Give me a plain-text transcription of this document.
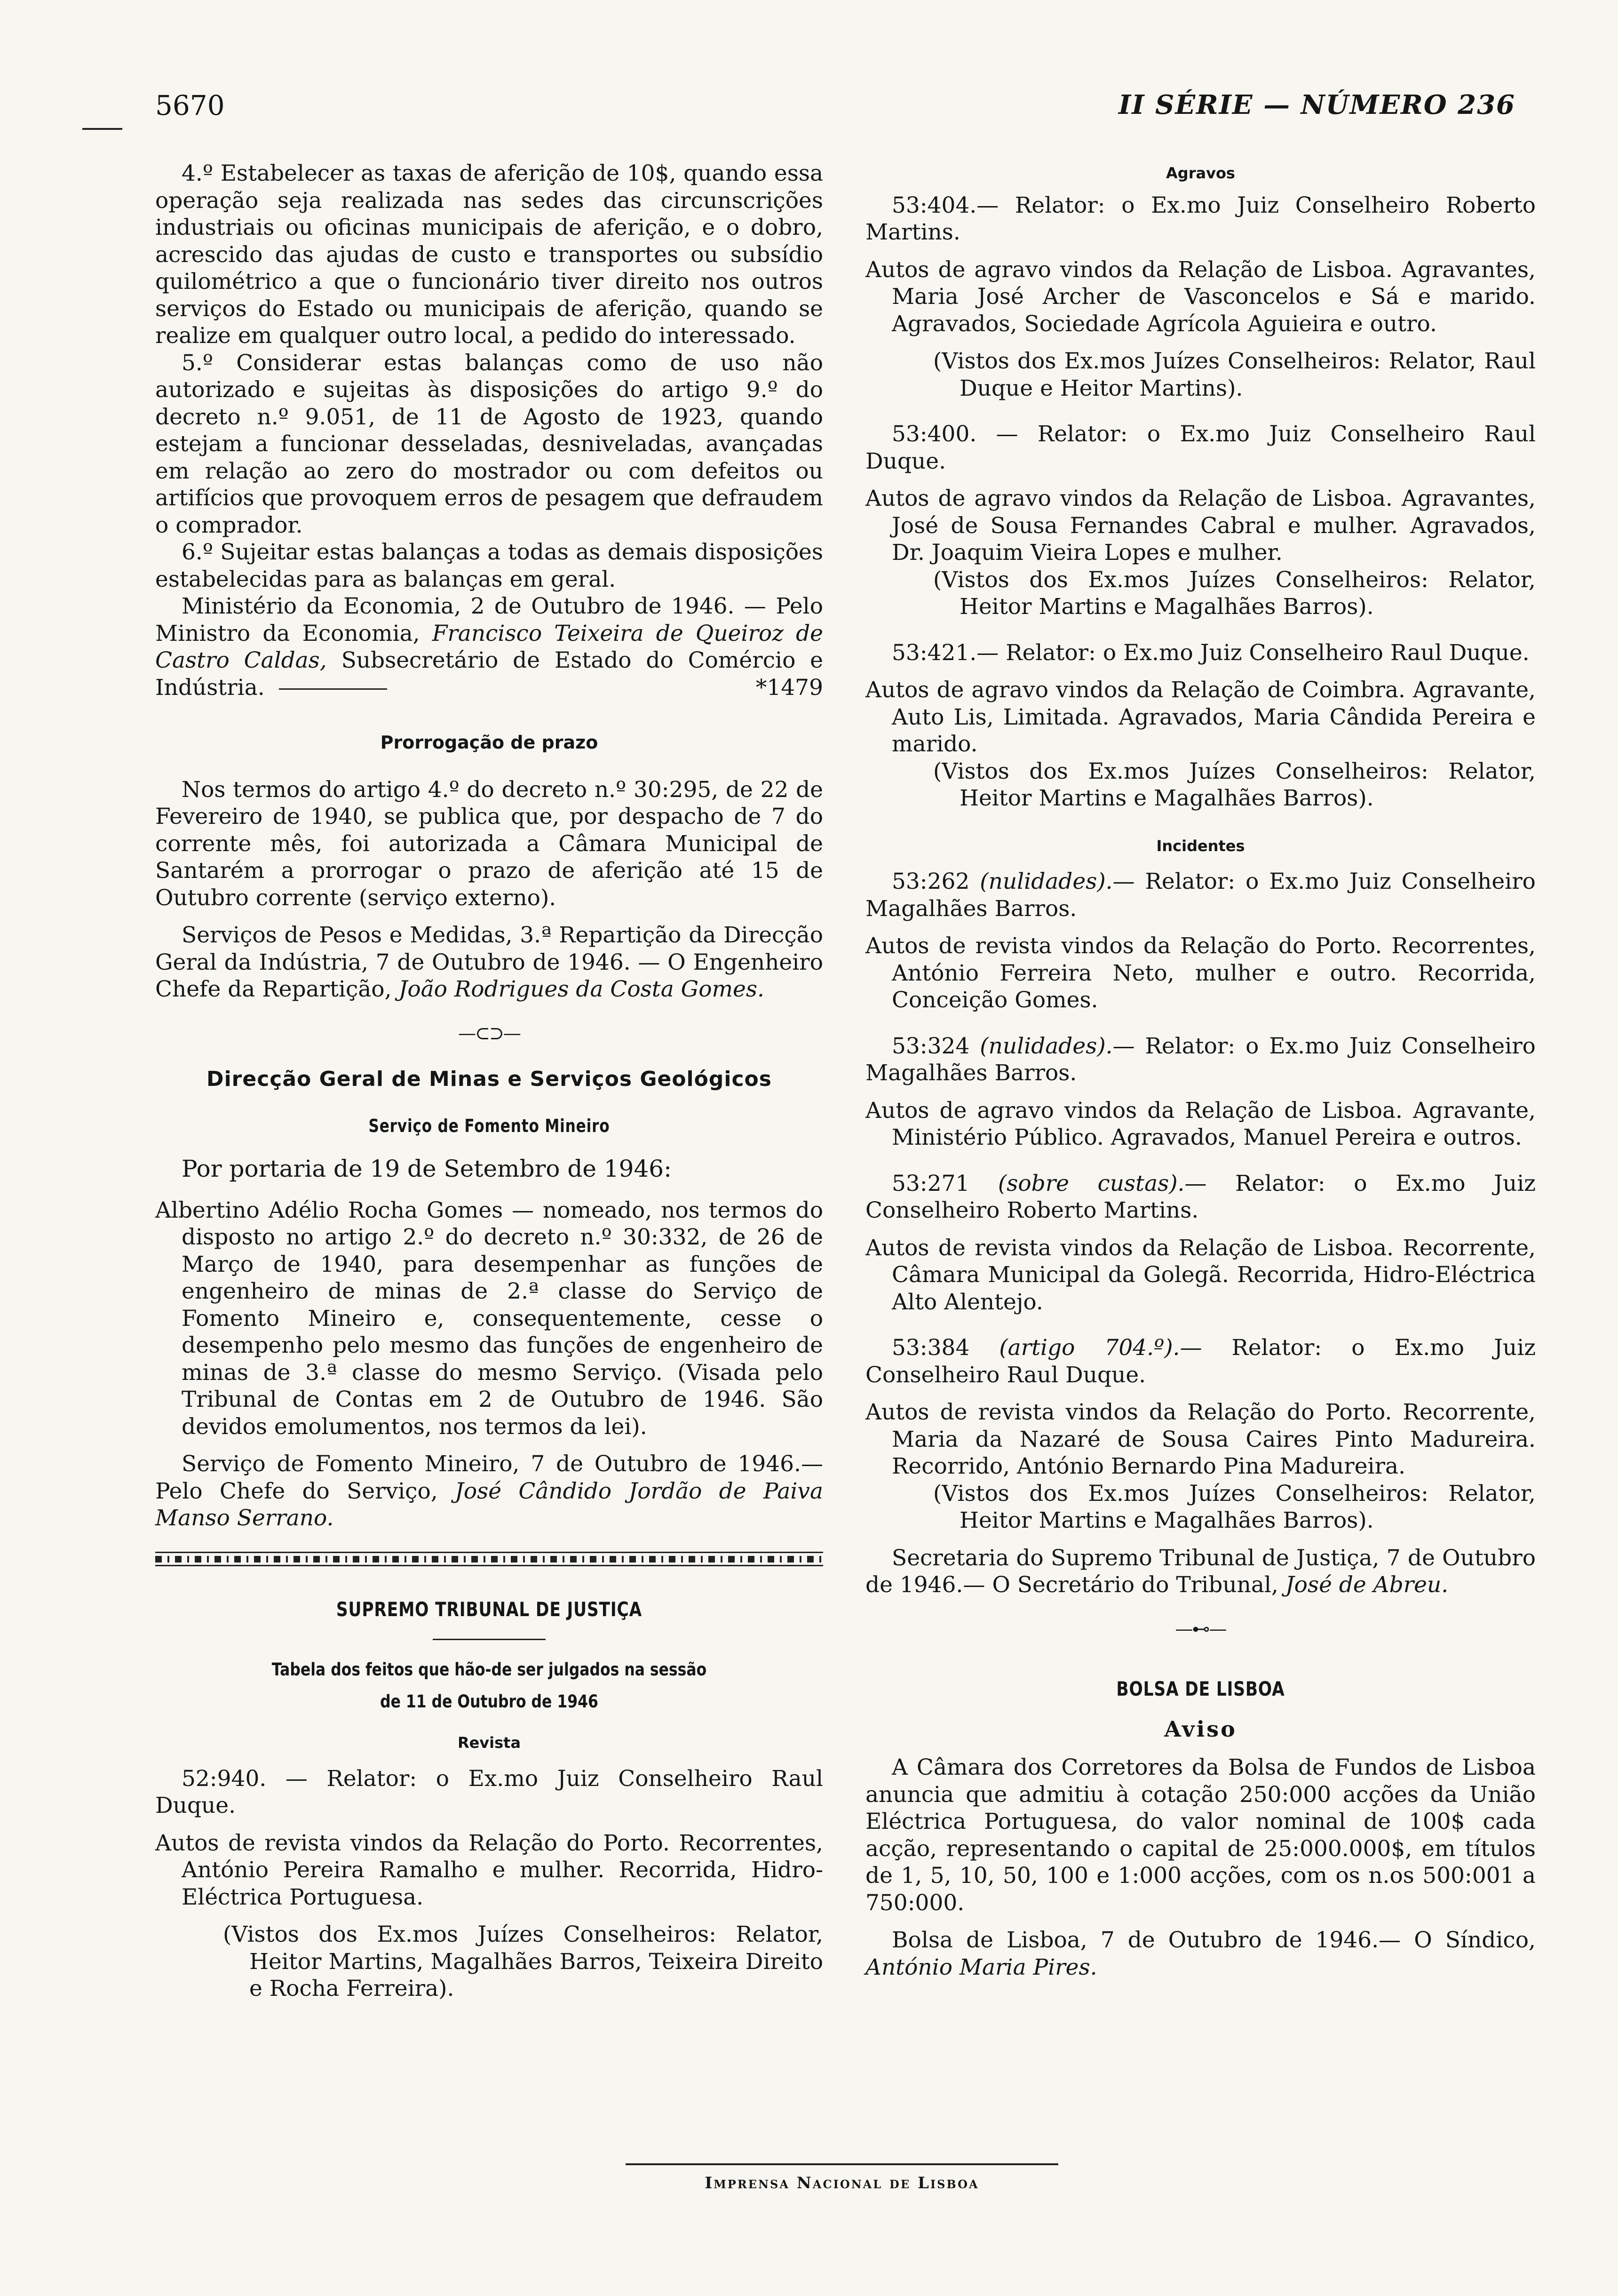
5670	II SÉRIE — NÚMERO 236

4.º Estabelecer as taxas de aferição de 10$, quando essa operação seja realizada nas sedes das circunscrições industriais ou oficinas municipais de aferição, e o dobro, acrescido das ajudas de custo e transportes ou subsídio quilométrico a que o funcionário tiver direito nos outros serviços do Estado ou municipais de aferição, quando se realize em qualquer outro local, a pedido do interessado.

5.º Considerar estas balanças como de uso não autorizado e sujeitas às disposições do artigo 9.º do decreto n.º 9.051, de 11 de Agosto de 1923, quando estejam a funcionar desseladas, desniveladas, avançadas em relação ao zero do mostrador ou com defeitos ou artifícios que provoquem erros de pesagem que defraudem o comprador.

6.º Sujeitar estas balanças a todas as demais disposições estabelecidas para as balanças em geral.

Ministério da Economia, 2 de Outubro de 1946. — Pelo Ministro da Economia, Francisco Teixeira de Queiroz de Castro Caldas, Subsecretário de Estado do Comércio e Indústria.	*1479

Prorrogação de prazo

Nos termos do artigo 4.º do decreto n.º 30:295, de 22 de Fevereiro de 1940, se publica que, por despacho de 7 do corrente mês, foi autorizada a Câmara Municipal de Santarém a prorrogar o prazo de aferição até 15 de Outubro corrente (serviço externo).

Serviços de Pesos e Medidas, 3.ª Repartição da Direcção Geral da Indústria, 7 de Outubro de 1946. — O Engenheiro Chefe da Repartição, João Rodrigues da Costa Gomes.

—⊂⊃—

Direcção Geral de Minas e Serviços Geológicos

Serviço de Fomento Mineiro

Por portaria de 19 de Setembro de 1946:

Albertino Adélio Rocha Gomes — nomeado, nos termos do disposto no artigo 2.º do decreto n.º 30:332, de 26 de Março de 1940, para desempenhar as funções de engenheiro de minas de 2.ª classe do Serviço de Fomento Mineiro e, consequentemente, cesse o desempenho pelo mesmo das funções de engenheiro de minas de 3.ª classe do mesmo Serviço. (Visada pelo Tribunal de Contas em 2 de Outubro de 1946. São devidos emolumentos, nos termos da lei).

Serviço de Fomento Mineiro, 7 de Outubro de 1946.— Pelo Chefe do Serviço, José Cândido Jordão de Paiva Manso Serrano.

SUPREMO TRIBUNAL DE JUSTIÇA

Tabela dos feitos que hão-de ser julgados na sessão

de 11 de Outubro de 1946

Revista

52:940. — Relator: o Ex.mo Juiz Conselheiro Raul Duque.

Autos de revista vindos da Relação do Porto. Recorrentes, António Pereira Ramalho e mulher. Recorrida, Hidro-Eléctrica Portuguesa.

(Vistos dos Ex.mos Juízes Conselheiros: Relator, Heitor Martins, Magalhães Barros, Teixeira Direito e Rocha Ferreira).

Agravos

53:404.— Relator: o Ex.mo Juiz Conselheiro Roberto Martins.

Autos de agravo vindos da Relação de Lisboa. Agravantes, Maria José Archer de Vasconcelos e Sá e marido. Agravados, Sociedade Agrícola Aguieira e outro.

(Vistos dos Ex.mos Juízes Conselheiros: Relator, Raul Duque e Heitor Martins).

53:400. — Relator: o Ex.mo Juiz Conselheiro Raul Duque.

Autos de agravo vindos da Relação de Lisboa. Agravantes, José de Sousa Fernandes Cabral e mulher. Agravados, Dr. Joaquim Vieira Lopes e mulher.

(Vistos dos Ex.mos Juízes Conselheiros: Relator, Heitor Martins e Magalhães Barros).

53:421.— Relator: o Ex.mo Juiz Conselheiro Raul Duque.

Autos de agravo vindos da Relação de Coimbra. Agravante, Auto Lis, Limitada. Agravados, Maria Cândida Pereira e marido.

(Vistos dos Ex.mos Juízes Conselheiros: Relator, Heitor Martins e Magalhães Barros).

Incidentes

53:262 (nulidades).— Relator: o Ex.mo Juiz Conselheiro Magalhães Barros.

Autos de revista vindos da Relação do Porto. Recorrentes, António Ferreira Neto, mulher e outro. Recorrida, Conceição Gomes.

53:324 (nulidades).— Relator: o Ex.mo Juiz Conselheiro Magalhães Barros.

Autos de agravo vindos da Relação de Lisboa. Agravante, Ministério Público. Agravados, Manuel Pereira e outros.

53:271 (sobre custas).— Relator: o Ex.mo Juiz Conselheiro Roberto Martins.

Autos de revista vindos da Relação de Lisboa. Recorrente, Câmara Municipal da Golegã. Recorrida, Hidro-Eléctrica Alto Alentejo.

53:384 (artigo 704.º).— Relator: o Ex.mo Juiz Conselheiro Raul Duque.

Autos de revista vindos da Relação do Porto. Recorrente, Maria da Nazaré de Sousa Caires Pinto Madureira. Recorrido, António Bernardo Pina Madureira.

(Vistos dos Ex.mos Juízes Conselheiros: Relator, Heitor Martins e Magalhães Barros).

Secretaria do Supremo Tribunal de Justiça, 7 de Outubro de 1946.— O Secretário do Tribunal, José de Abreu.

—⊷—

BOLSA DE LISBOA

Aviso

A Câmara dos Corretores da Bolsa de Fundos de Lisboa anuncia que admitiu à cotação 250:000 acções da União Eléctrica Portuguesa, do valor nominal de 100$ cada acção, representando o capital de 25:000.000$, em títulos de 1, 5, 10, 50, 100 e 1:000 acções, com os n.os 500:001 a 750:000.

Bolsa de Lisboa, 7 de Outubro de 1946.— O Síndico, António Maria Pires.

Imprensa Nacional de Lisboa
